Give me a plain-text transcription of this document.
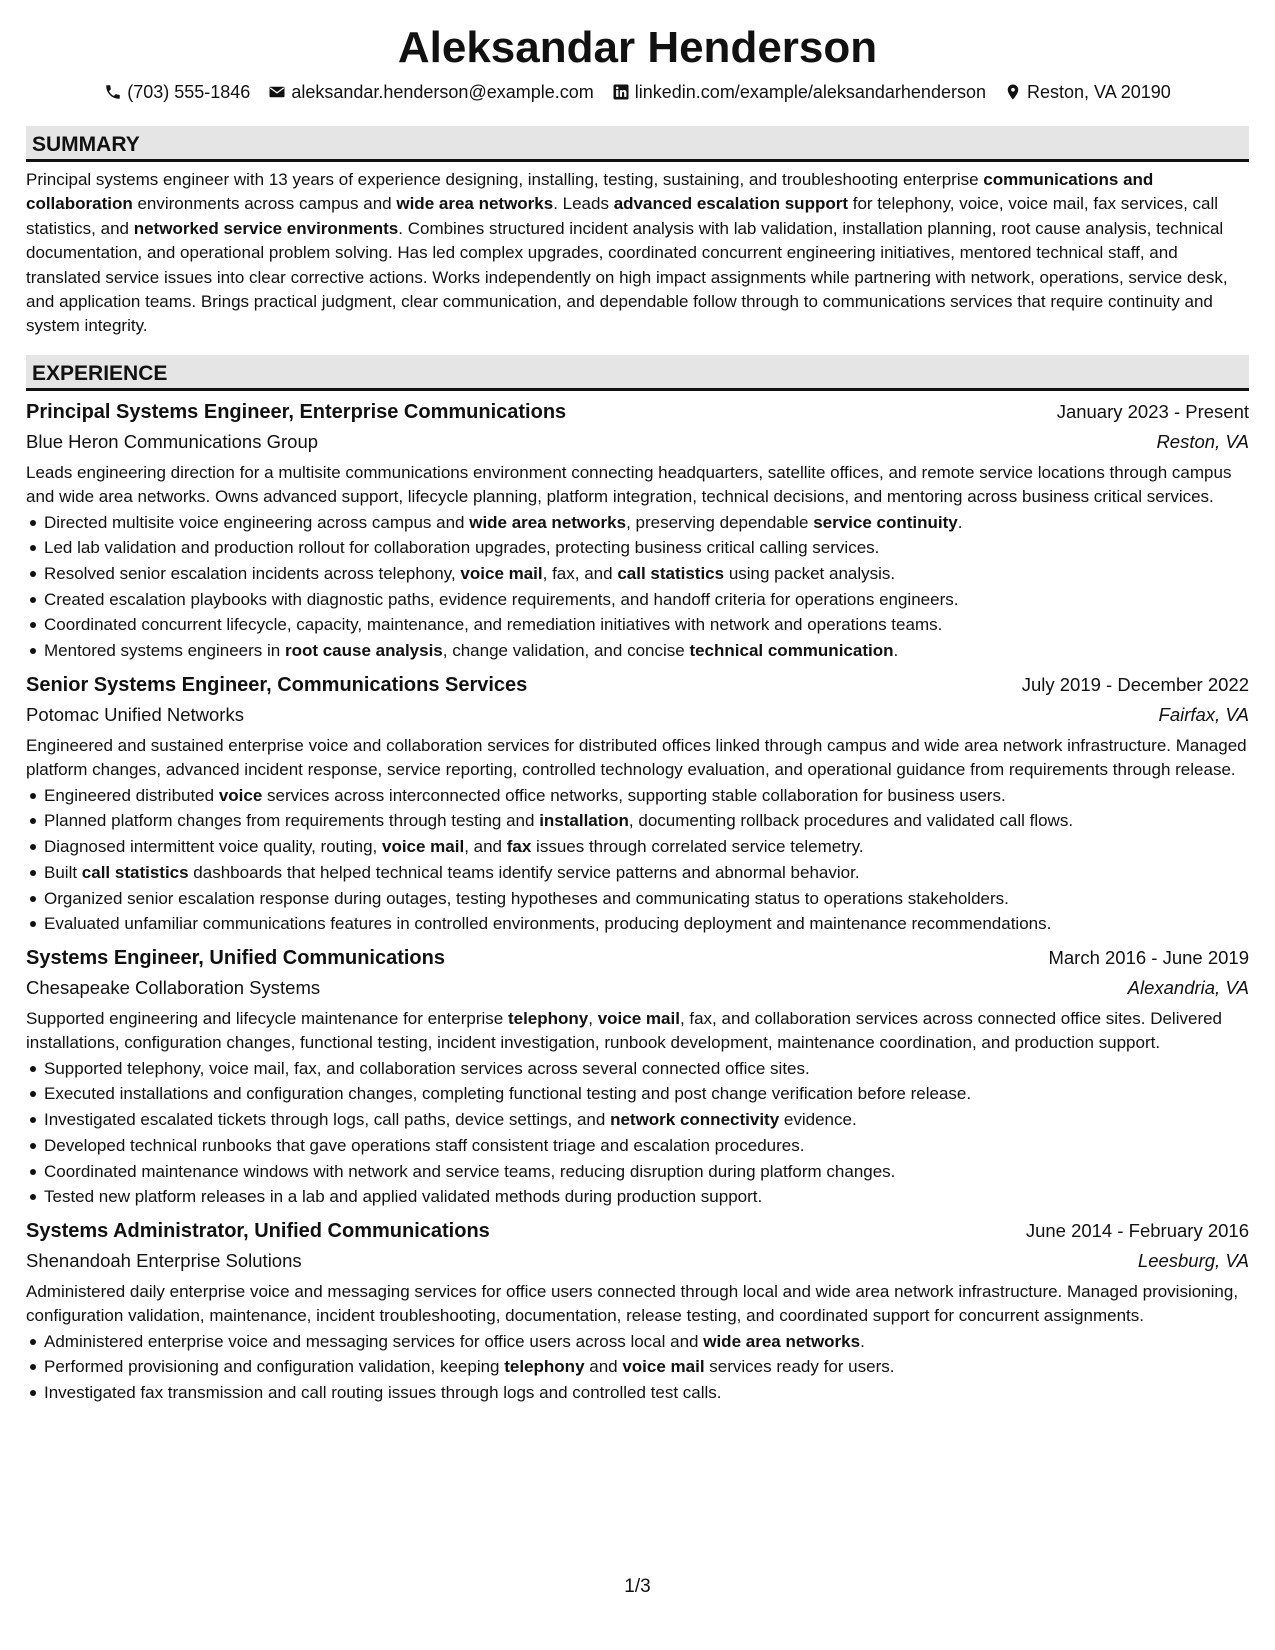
Aleksandar Henderson
(703) 555-1846 aleksandar.henderson@example.com linkedin.com/example/aleksandarhenderson Reston, VA 20190
SUMMARY

Principal systems engineer with 13 years of experience designing, installing, testing, sustaining, and troubleshooting enterprise communications and collaboration environments across campus and wide area networks. Leads advanced escalation support for telephony, voice, voice mail, fax services, call statistics, and networked service environments. Combines structured incident analysis with lab validation, installation planning, root cause analysis, technical documentation, and operational problem solving. Has led complex upgrades, coordinated concurrent engineering initiatives, mentored technical staff, and translated service issues into clear corrective actions. Works independently on high impact assignments while partnering with network, operations, service desk, and application teams. Brings practical judgment, clear communication, and dependable follow through to communications services that require continuity and system integrity.

EXPERIENCE
Principal Systems Engineer, Enterprise Communications	January 2023 - Present
Blue Heron Communications Group	Reston, VA

Leads engineering direction for a multisite communications environment connecting headquarters, satellite offices, and remote service locations through campus and wide area networks. Owns advanced support, lifecycle planning, platform integration, technical decisions, and mentoring across business critical services.

Directed multisite voice engineering across campus and wide area networks, preserving dependable service continuity.
Led lab validation and production rollout for collaboration upgrades, protecting business critical calling services.
Resolved senior escalation incidents across telephony, voice mail, fax, and call statistics using packet analysis.
Created escalation playbooks with diagnostic paths, evidence requirements, and handoff criteria for operations engineers.
Coordinated concurrent lifecycle, capacity, maintenance, and remediation initiatives with network and operations teams.
Mentored systems engineers in root cause analysis, change validation, and concise technical communication.
Senior Systems Engineer, Communications Services	July 2019 - December 2022
Potomac Unified Networks	Fairfax, VA

Engineered and sustained enterprise voice and collaboration services for distributed offices linked through campus and wide area network infrastructure. Managed platform changes, advanced incident response, service reporting, controlled technology evaluation, and operational guidance from requirements through release.

Engineered distributed voice services across interconnected office networks, supporting stable collaboration for business users.
Planned platform changes from requirements through testing and installation, documenting rollback procedures and validated call flows.
Diagnosed intermittent voice quality, routing, voice mail, and fax issues through correlated service telemetry.
Built call statistics dashboards that helped technical teams identify service patterns and abnormal behavior.
Organized senior escalation response during outages, testing hypotheses and communicating status to operations stakeholders.
Evaluated unfamiliar communications features in controlled environments, producing deployment and maintenance recommendations.
Systems Engineer, Unified Communications	March 2016 - June 2019
Chesapeake Collaboration Systems	Alexandria, VA

Supported engineering and lifecycle maintenance for enterprise telephony, voice mail, fax, and collaboration services across connected office sites. Delivered installations, configuration changes, functional testing, incident investigation, runbook development, maintenance coordination, and production support.

Supported telephony, voice mail, fax, and collaboration services across several connected office sites.
Executed installations and configuration changes, completing functional testing and post change verification before release.
Investigated escalated tickets through logs, call paths, device settings, and network connectivity evidence.
Developed technical runbooks that gave operations staff consistent triage and escalation procedures.
Coordinated maintenance windows with network and service teams, reducing disruption during platform changes.
Tested new platform releases in a lab and applied validated methods during production support.
Systems Administrator, Unified Communications	June 2014 - February 2016
Shenandoah Enterprise Solutions	Leesburg, VA

Administered daily enterprise voice and messaging services for office users connected through local and wide area network infrastructure. Managed provisioning, configuration validation, maintenance, incident troubleshooting, documentation, release testing, and coordinated support for concurrent assignments.

Administered enterprise voice and messaging services for office users across local and wide area networks.
Performed provisioning and configuration validation, keeping telephony and voice mail services ready for users.
Investigated fax transmission and call routing issues through logs and controlled test calls.
1/3
